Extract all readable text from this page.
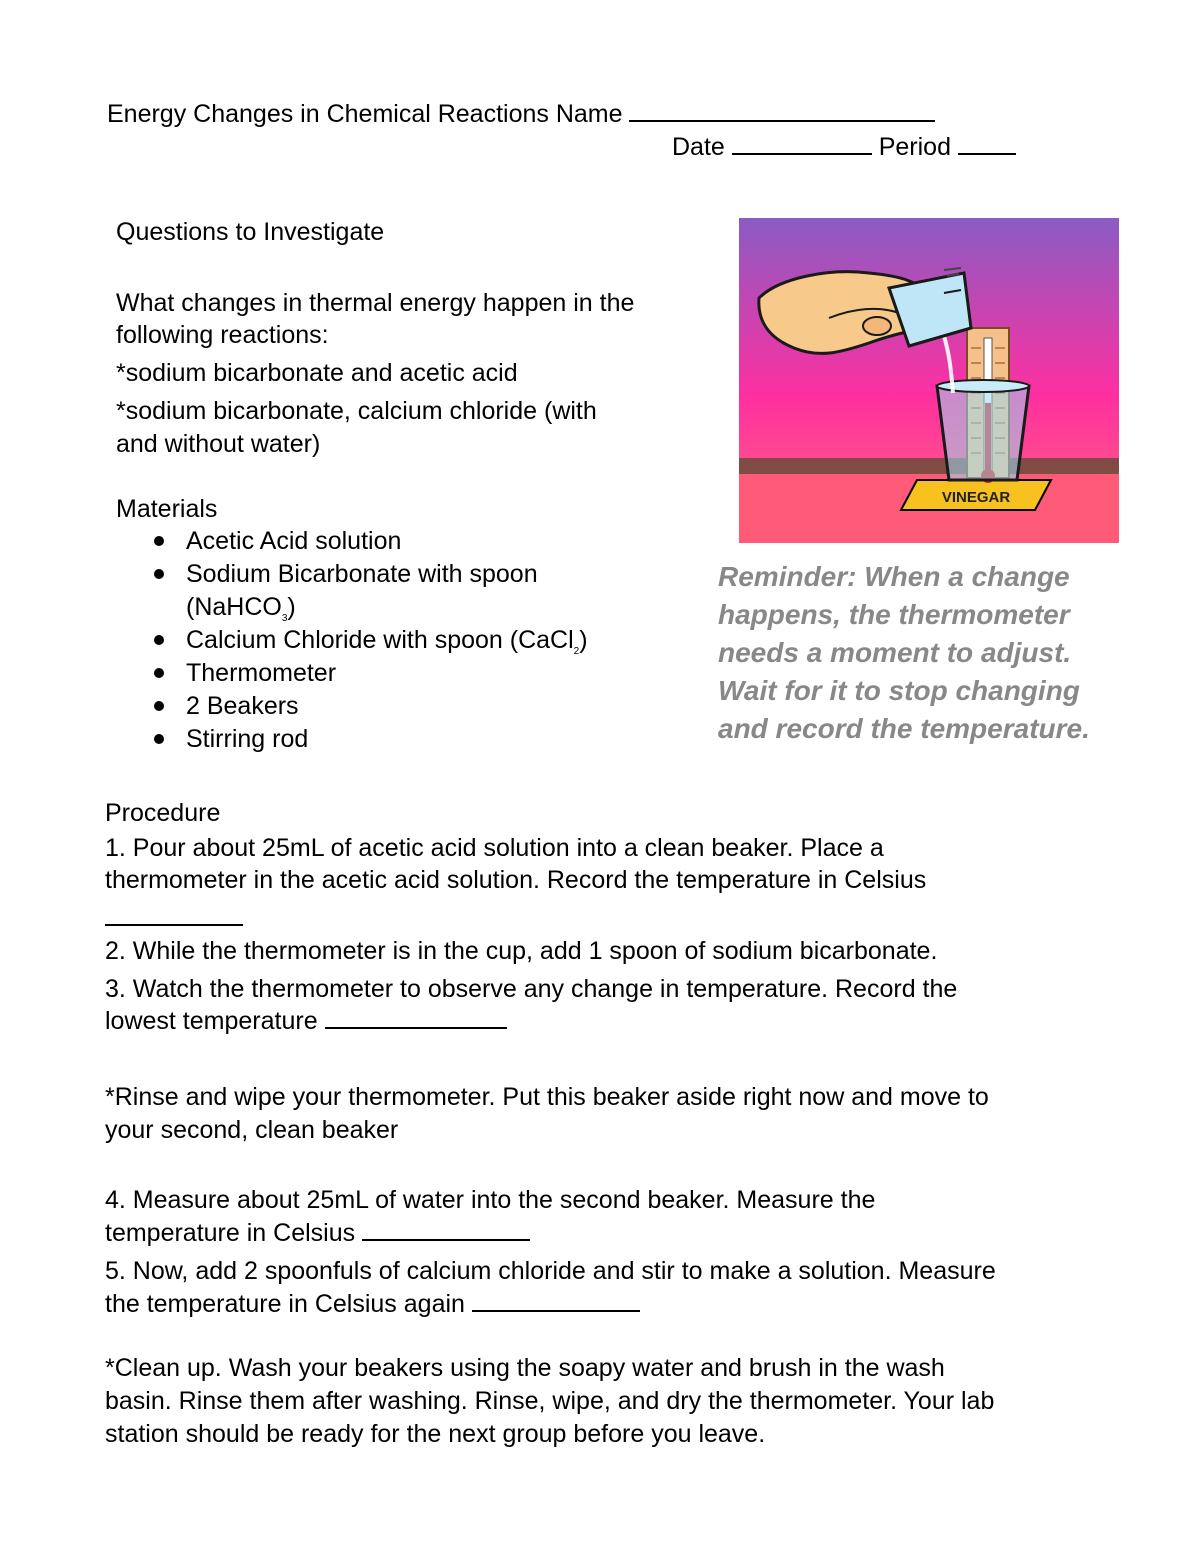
Energy Changes in Chemical Reactions Name
Date	Period
Questions to Investigate
What changes in thermal energy happen in the
following reactions:
*sodium bicarbonate and acetic acid
*sodium bicarbonate, calcium chloride (with
and without water)
Materials
Acetic Acid solution
Sodium Bicarbonate with spoon
(NaHCO$_3$)
Calcium Chloride with spoon (CaCl$_2$)
Thermometer
2 Beakers
Stirring rod
VINEGAR
Reminder: When a change
happens, the thermometer
needs a moment to adjust.
Wait for it to stop changing
and record the temperature.
Procedure
1. Pour about 25mL of acetic acid solution into a clean beaker. Place a
thermometer in the acetic acid solution. Record the temperature in Celsius
2. While the thermometer is in the cup, add 1 spoon of sodium bicarbonate.
3. Watch the thermometer to observe any change in temperature. Record the
lowest temperature
*Rinse and wipe your thermometer. Put this beaker aside right now and move to
your second, clean beaker
4. Measure about 25mL of water into the second beaker. Measure the
temperature in Celsius
5. Now, add 2 spoonfuls of calcium chloride and stir to make a solution. Measure
the temperature in Celsius again
*Clean up. Wash your beakers using the soapy water and brush in the wash
basin. Rinse them after washing. Rinse, wipe, and dry the thermometer. Your lab
station should be ready for the next group before you leave.
